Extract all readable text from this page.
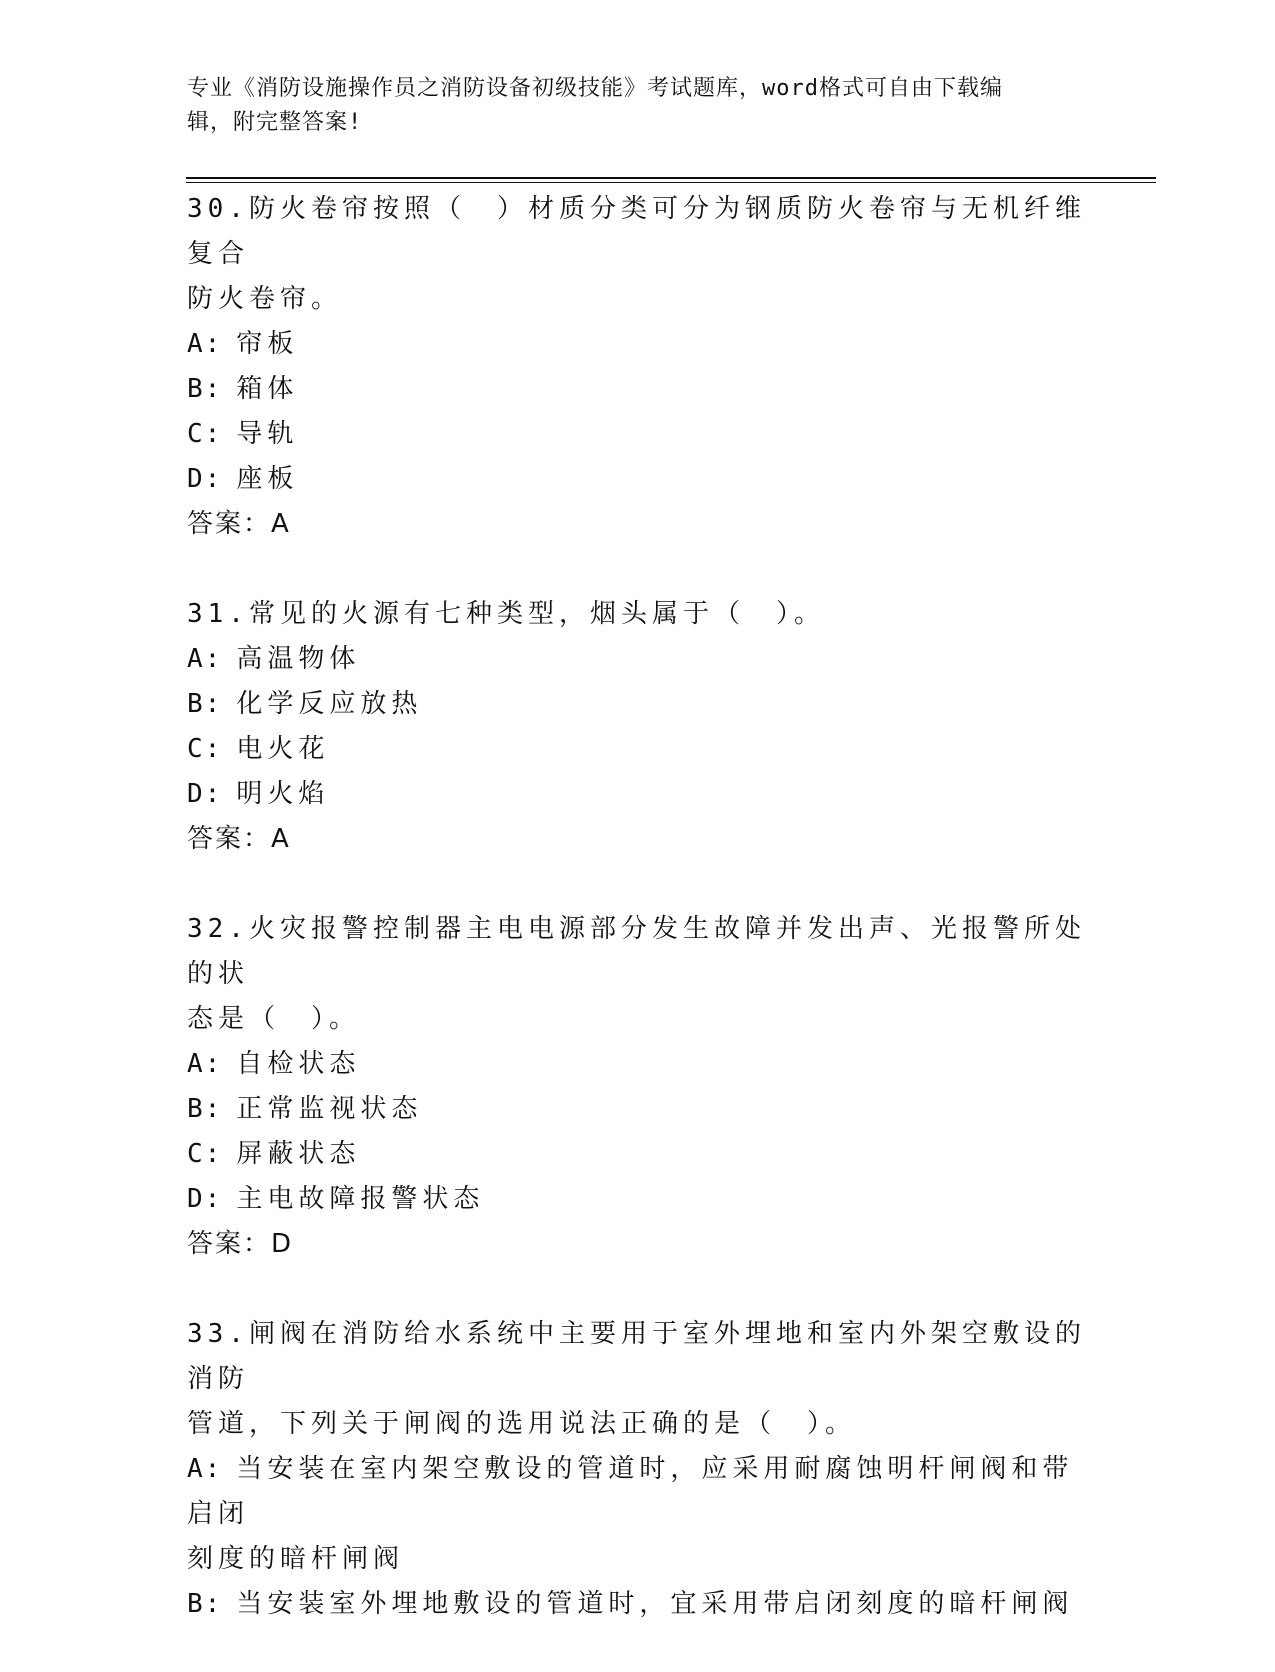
专业《消防设施操作员之消防设备初级技能》考试题库，word格式可自由下载编
辑，附完整答案!
30.防火卷帘按照（　）材质分类可分为钢质防火卷帘与无机纤维复合
防火卷帘。
A: 帘板
B: 箱体
C: 导轨
D: 座板
答案：A
31.常见的火源有七种类型，烟头属于（　）。
A: 高温物体
B: 化学反应放热
C: 电火花
D: 明火焰
答案：A
32.火灾报警控制器主电电源部分发生故障并发出声、光报警所处的状
态是（　）。
A: 自检状态
B: 正常监视状态
C: 屏蔽状态
D: 主电故障报警状态
答案：D
33.闸阀在消防给水系统中主要用于室外埋地和室内外架空敷设的消防
管道，下列关于闸阀的选用说法正确的是（　）。
A: 当安装在室内架空敷设的管道时，应采用耐腐蚀明杆闸阀和带启闭
刻度的暗杆闸阀
B: 当安装室外埋地敷设的管道时，宜采用带启闭刻度的暗杆闸阀
